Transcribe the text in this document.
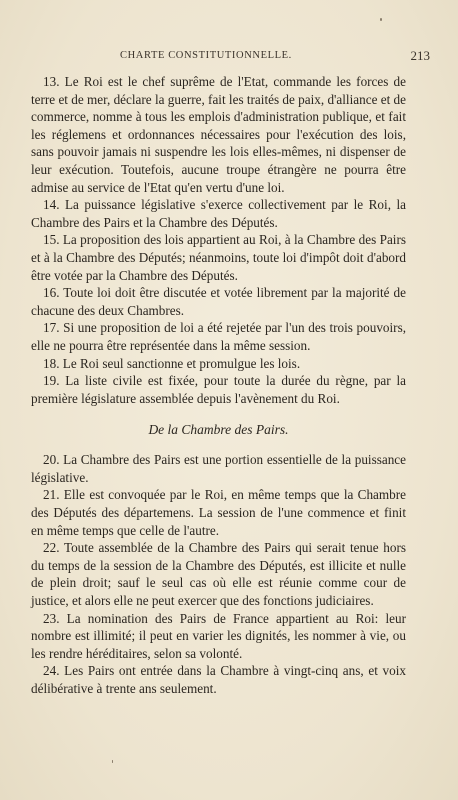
CHARTE CONSTITUTIONNELLE.	213

13. Le Roi est le chef suprême de l'Etat, commande les forces de terre et de mer, déclare la guerre, fait les traités de paix, d'alliance et de commerce, nomme à tous les emplois d'administration publique, et fait les réglemens et ordonnances nécessaires pour l'exécution des lois, sans pouvoir jamais ni suspendre les lois elles-mêmes, ni dispenser de leur exécution. Toutefois, aucune troupe étrangère ne pourra être admise au service de l'Etat qu'en vertu d'une loi.

14. La puissance législative s'exerce collectivement par le Roi, la Chambre des Pairs et la Chambre des Députés.

15. La proposition des lois appartient au Roi, à la Chambre des Pairs et à la Chambre des Députés; néanmoins, toute loi d'impôt doit d'abord être votée par la Chambre des Députés.

16. Toute loi doit être discutée et votée librement par la majorité de chacune des deux Chambres.

17. Si une proposition de loi a été rejetée par l'un des trois pouvoirs, elle ne pourra être représentée dans la même session.

18. Le Roi seul sanctionne et promulgue les lois.

19. La liste civile est fixée, pour toute la durée du règne, par la première législature assemblée depuis l'avènement du Roi.

De la Chambre des Pairs.

20. La Chambre des Pairs est une portion essentielle de la puissance législative.

21. Elle est convoquée par le Roi, en même temps que la Chambre des Députés des départemens. La session de l'une commence et finit en même temps que celle de l'autre.

22. Toute assemblée de la Chambre des Pairs qui serait tenue hors du temps de la session de la Chambre des Députés, est illicite et nulle de plein droit; sauf le seul cas où elle est réunie comme cour de justice, et alors elle ne peut exercer que des fonctions judiciaires.

23. La nomination des Pairs de France appartient au Roi: leur nombre est illimité; il peut en varier les dignités, les nommer à vie, ou les rendre héréditaires, selon sa volonté.

24. Les Pairs ont entrée dans la Chambre à vingt-cinq ans, et voix délibérative à trente ans seulement.
